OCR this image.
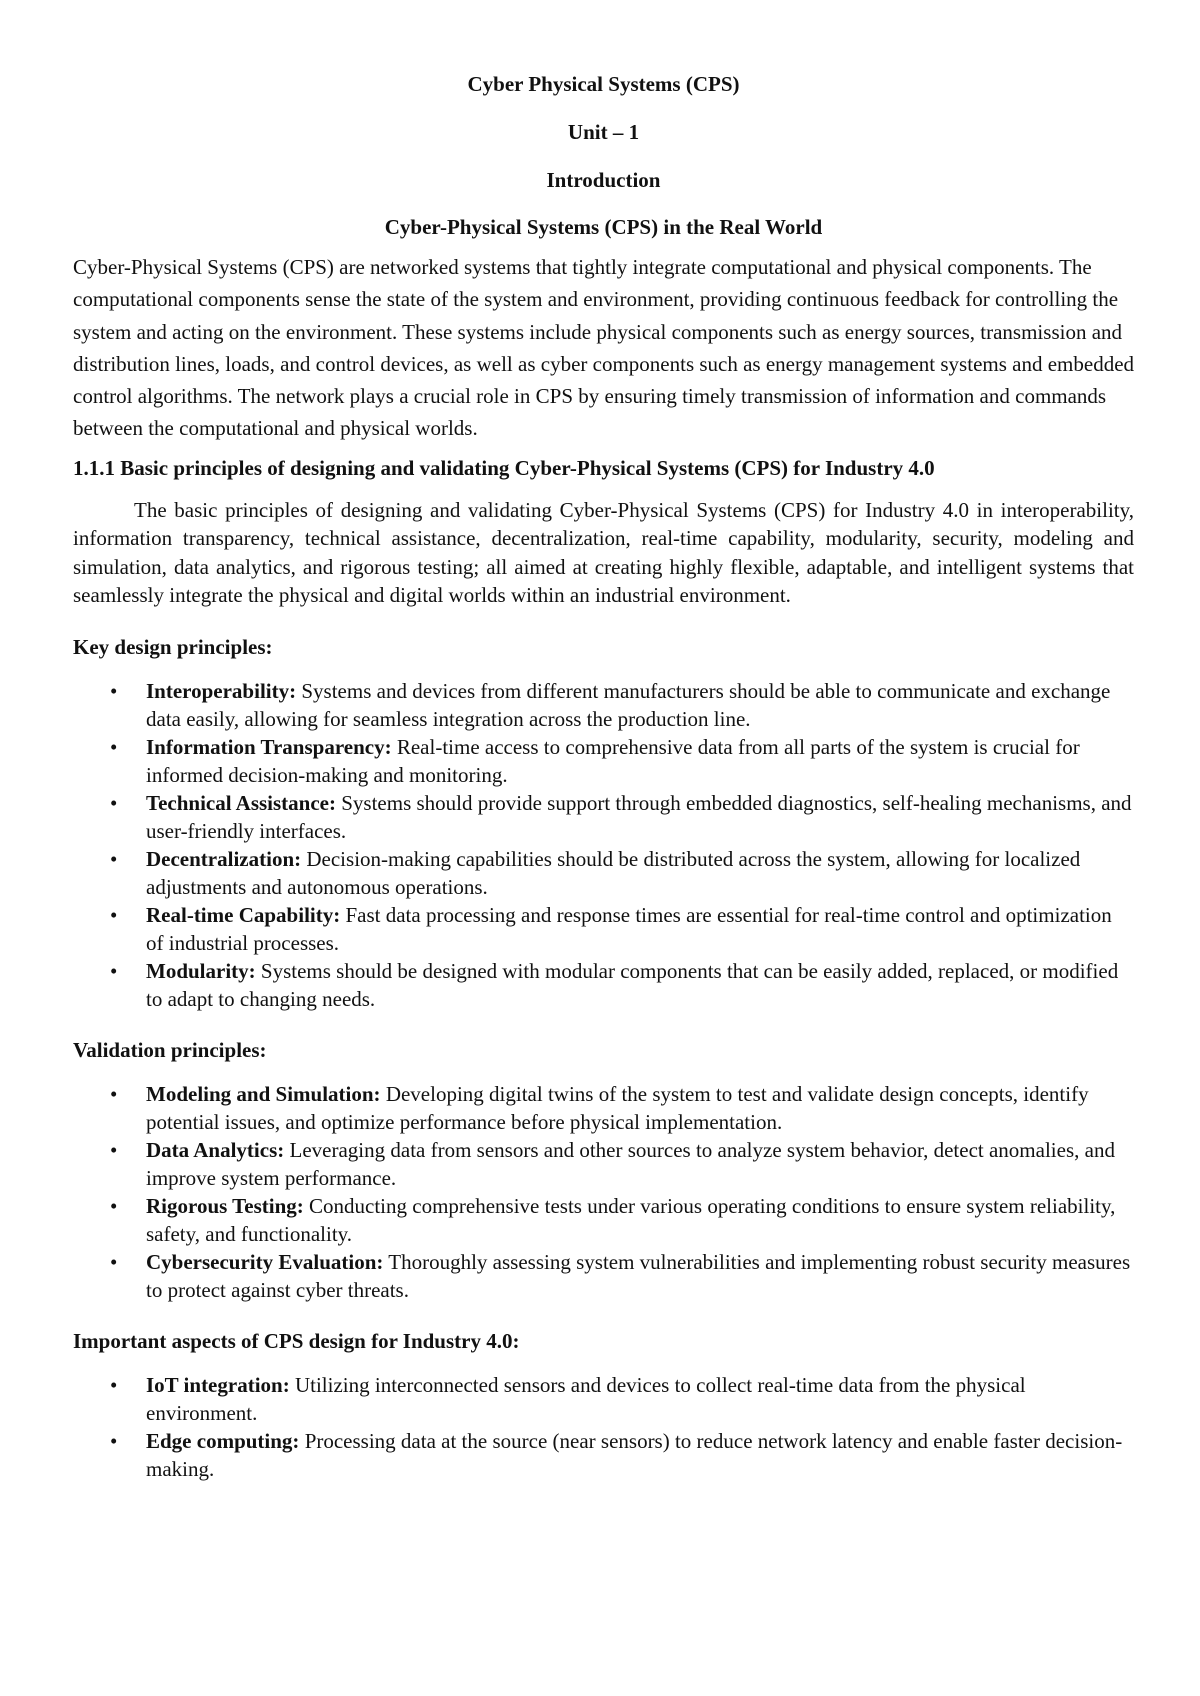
Cyber Physical Systems (CPS)
Unit – 1
Introduction
Cyber-Physical Systems (CPS) in the Real World

Cyber-Physical Systems (CPS) are networked systems that tightly integrate computational and physical components. The computational components sense the state of the system and environment, providing continuous feedback for controlling the system and acting on the environment. These systems include physical components such as energy sources, transmission and distribution lines, loads, and control devices, as well as cyber components such as energy management systems and embedded control algorithms. The network plays a crucial role in CPS by ensuring timely transmission of information and commands between the computational and physical worlds.

1.1.1 Basic principles of designing and validating Cyber-Physical Systems (CPS) for Industry 4.0

The basic principles of designing and validating Cyber-Physical Systems (CPS) for Industry 4.0 in interoperability, information transparency, technical assistance, decentralization, real-time capability, modularity, security, modeling and simulation, data analytics, and rigorous testing; all aimed at creating highly flexible, adaptable, and intelligent systems that seamlessly integrate the physical and digital worlds within an industrial environment.

Key design principles:
• Interoperability: Systems and devices from different manufacturers should be able to communicate and exchange data easily, allowing for seamless integration across the production line.
• Information Transparency: Real-time access to comprehensive data from all parts of the system is crucial for informed decision-making and monitoring.
• Technical Assistance: Systems should provide support through embedded diagnostics, self-healing mechanisms, and user-friendly interfaces.
• Decentralization: Decision-making capabilities should be distributed across the system, allowing for localized adjustments and autonomous operations.
• Real-time Capability: Fast data processing and response times are essential for real-time control and optimization of industrial processes.
• Modularity: Systems should be designed with modular components that can be easily added, replaced, or modified to adapt to changing needs.
Validation principles:
• Modeling and Simulation: Developing digital twins of the system to test and validate design concepts, identify potential issues, and optimize performance before physical implementation.
• Data Analytics: Leveraging data from sensors and other sources to analyze system behavior, detect anomalies, and improve system performance.
• Rigorous Testing: Conducting comprehensive tests under various operating conditions to ensure system reliability, safety, and functionality.
• Cybersecurity Evaluation: Thoroughly assessing system vulnerabilities and implementing robust security measures to protect against cyber threats.
Important aspects of CPS design for Industry 4.0:
• IoT integration: Utilizing interconnected sensors and devices to collect real-time data from the physical environment.
• Edge computing: Processing data at the source (near sensors) to reduce network latency and enable faster decision-making.
